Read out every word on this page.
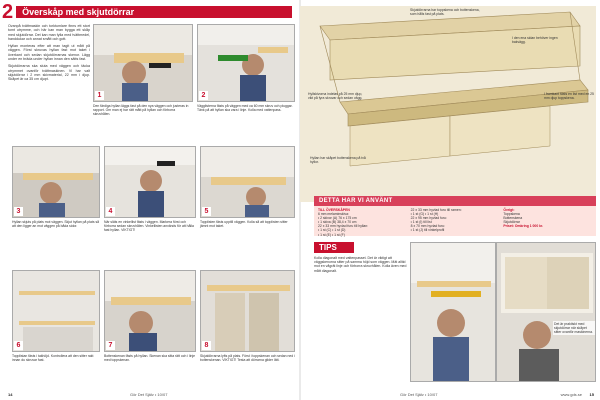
2	Överskåp med skjutdörrar

Ovanpå tvättmaskin och torktumlare finns ett stort tomt utrymme, och här kan man bygga ett skåp med skjutdörrar. Det kan man fylla med tvättmedel, handdukar och annat smått och gott.

Hyllan monteras efter att man tagit ut mått på väggen. Först skruvas hyllan fast mot taket i överkant och sedan skjutdörrarnas skenor. Lägg under en bräda under hyllan innan den sätts fast.

Skjutdörrarna ska sluta med väggen och täcka utrymmet ovanför tvättmaskinen. Vi har valt skjutdörrar i 2 mm skivmaterial, 22 mm i djup. Skåpet är ca 35 cm djupt.

1
Den färdiga hyllan läggs fast på den nya väggen och justeras in rapport. Om man ej har rätt mått på hyllan och förborra skruvhålen.
2
Vägglisterna fästs på väggen med ca 60 mm skruv och pluggar. Tänk på att hyllan ska vara i linje. Kolla med vattenpass.
3
Hyllan skjuts på plats mot väggen. Skjut hyllan på plats så att den ligger an mot väggen på båda sidor.
4
När släts en vinkellist fästs i väggen. Markera först och förborra sedan skruvhålen. Vinkellisten används för att hålla fast hyllan. VIKTIGT!
5
Topplisten fästs upptill väggen. Kolla så att topplisten sitter jämnt mot taket.
6
Topplistan fästs i takhöjd. Kontrollera att den sitter rakt innan du skruvar fast.
7
Bottenskenan fästs på hyllan. Skenan ska sitta rätt och i linje med toppskenan.
8
Skjutdörrarna lyfts på plats. Först i toppskenan och sedan ned i bottenskenan. VIKTIGT! Testa att dörrarna glider lätt.
14	Gör Det Själv • 10/07
Skjutdörrarna har toppskena och bottenskena, som hålls fast på plats.
Hyllskivorna indelas på 25 mm djup, vikt på fyra skruvar och sedan vägg.
Hyllan har skåpet bottenskena på två hyllor.
I den ena sidan behöver ingen bakvägg.
I framkant fästs en list med en 25 mm djup toppskena.
DETTA HAR VI ANVÄNT
TILL ÖVERSKÅPEN
6 mm melaminskiva:
• 2 skivor (A) 76 x 175 cm
• 1 skiva (B) 38,4 x 70 cm
22 x 33 mm hyvlad furu till hyllan:
• 1 st (C) • 1 st (D)
• 1 st (E) • 1 st (F)
22 x 33 mm hyvlad furu till ramen:
• 1 st (G) • 1 st (H)
22 x 95 mm hyvlad furu:
• 1 st (I) till list
8 x 70 mm hyvlad furu:
• 1 st (J) till vinkelprofil
Övrigt:
Toppskena
Bottenskena
Skjutdörrar
Priset: Omkring 1 000 kr.
TIPS
Kolla diagonalt med vattenpasset. Det är viktigt att väggskenorna sitter på samma höjd som väggen. Mät alltid mot en vågrät linje och förborra skruvhålen. Kolla även med mått diagonalt.
Det är praktiskt med skjutdörrar när skåpet sitter ovanför maskinerna.
Gör Det Själv • 10/07	www.gds.se 15
